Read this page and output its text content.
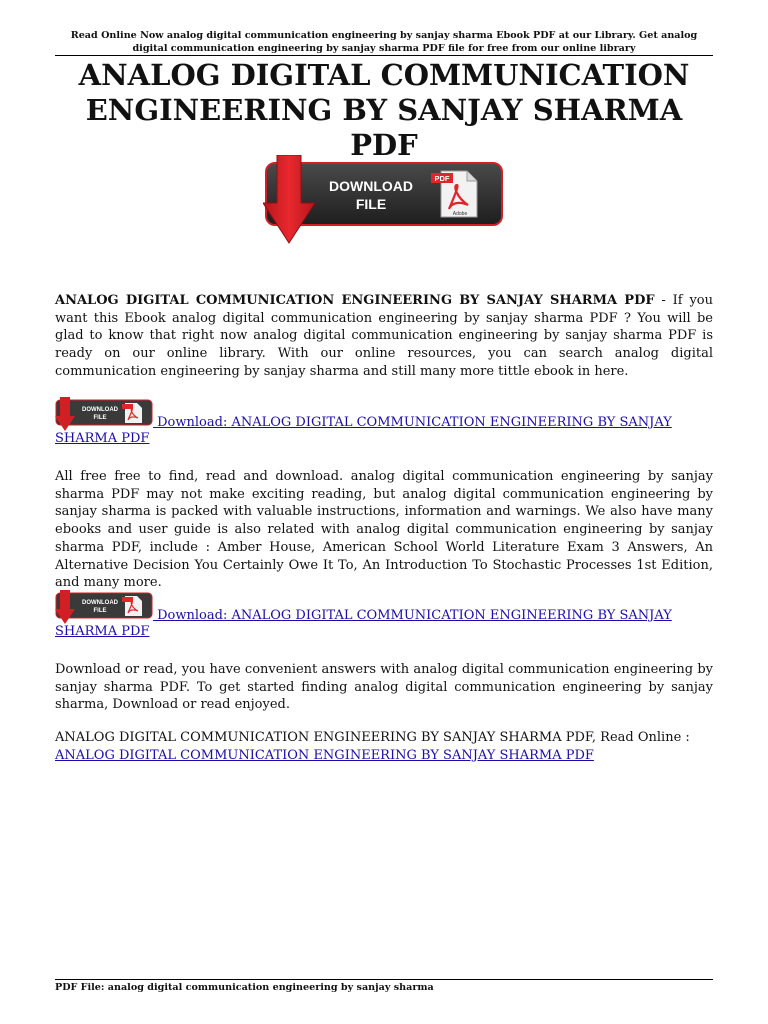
Read Online Now analog digital communication engineering by sanjay sharma Ebook PDF at our Library. Get analog digital communication engineering by sanjay sharma PDF file for free from our online library
ANALOG DIGITAL COMMUNICATION
ENGINEERING BY SANJAY SHARMA PDF
DOWNLOAD
FILE
PDF
Adobe

ANALOG DIGITAL COMMUNICATION ENGINEERING BY SANJAY SHARMA PDF - If you want this Ebook analog digital communication engineering by sanjay sharma PDF ? You will be glad to know that right now analog digital communication engineering by sanjay sharma PDF is ready on our online library. With our online resources, you can search analog digital communication engineering by sanjay sharma and still many more tittle ebook in here.

DOWNLOAD
FILE	Download: ANALOG DIGITAL COMMUNICATION ENGINEERING BY SANJAY SHARMA PDF

All free free to find, read and download. analog digital communication engineering by sanjay sharma PDF may not make exciting reading, but analog digital communication engineering by sanjay sharma is packed with valuable instructions, information and warnings. We also have many ebooks and user guide is also related with analog digital communication engineering by sanjay sharma PDF, include : Amber House, American School World Literature Exam 3 Answers, An Alternative Decision You Certainly Owe It To, An Introduction To Stochastic Processes 1st Edition, and many more.

DOWNLOAD
FILE	Download: ANALOG DIGITAL COMMUNICATION ENGINEERING BY SANJAY SHARMA PDF

Download or read, you have convenient answers with analog digital communication engineering by sanjay sharma PDF. To get started finding analog digital communication engineering by sanjay sharma, Download or read enjoyed.

ANALOG DIGITAL COMMUNICATION ENGINEERING BY SANJAY SHARMA PDF, Read Online :
ANALOG DIGITAL COMMUNICATION ENGINEERING BY SANJAY SHARMA PDF

PDF File: analog digital communication engineering by sanjay sharma
